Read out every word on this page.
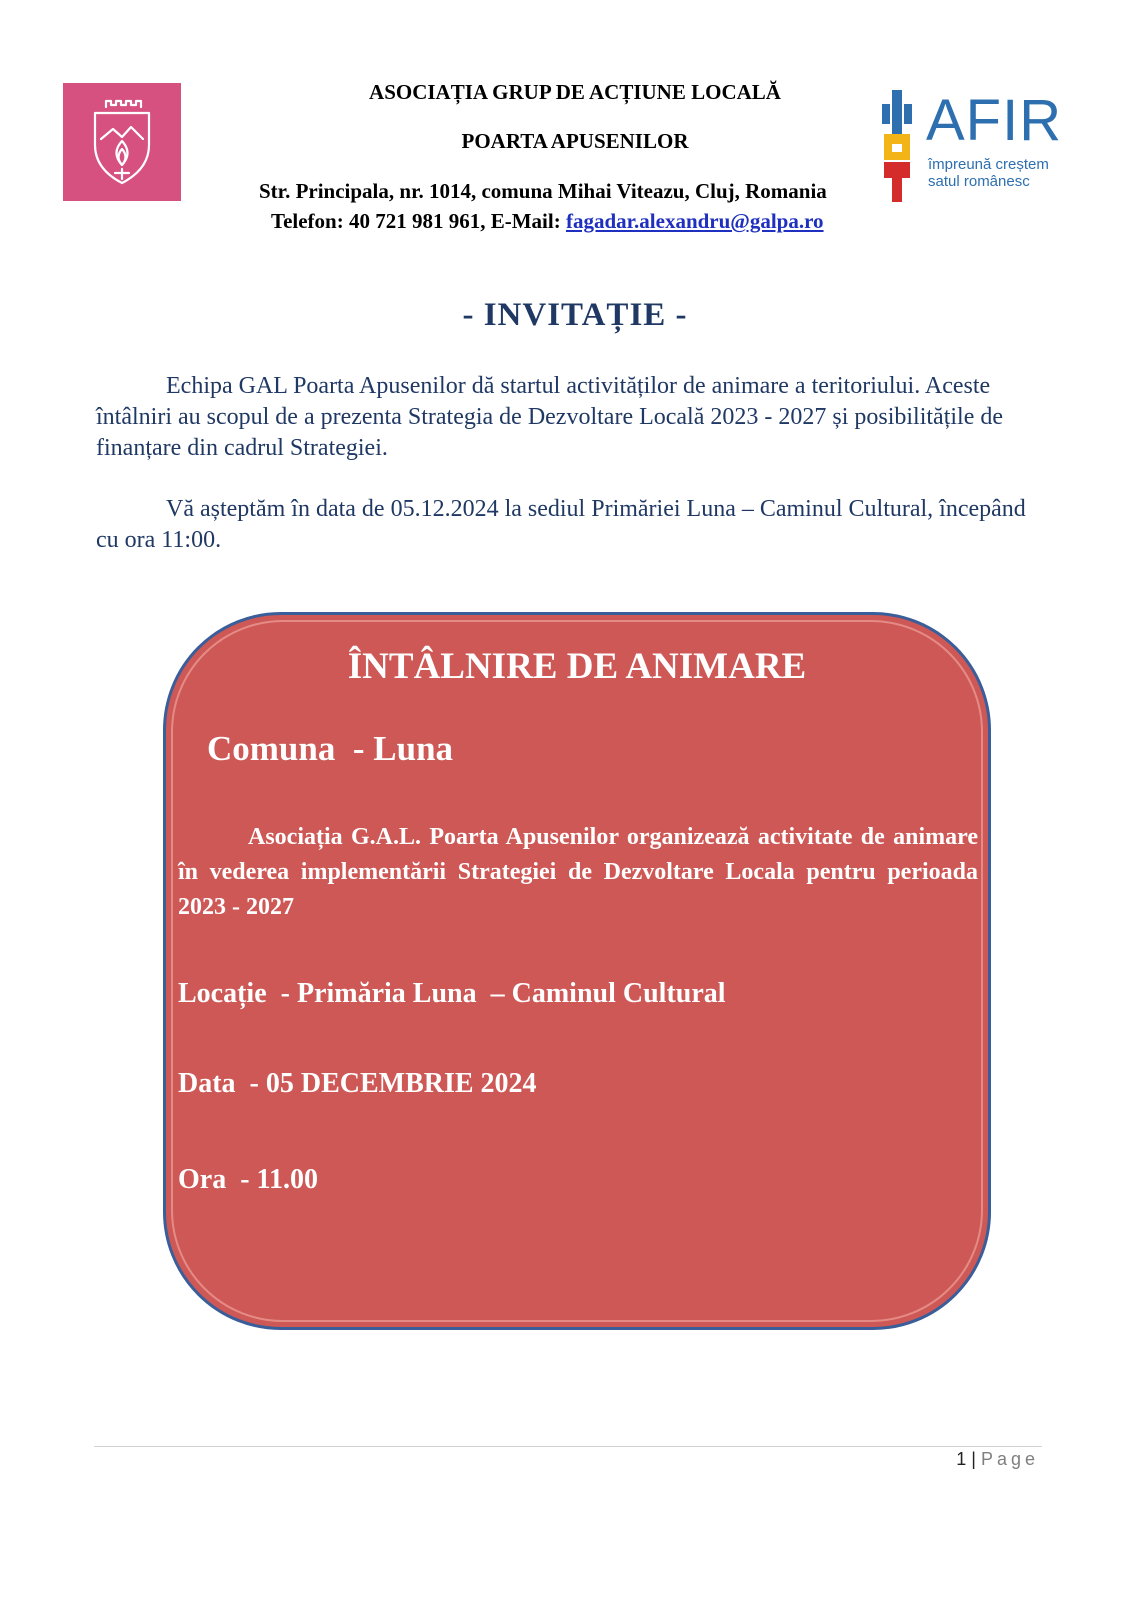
AFIR
împreună creștem
satul românesc
ASOCIAȚIA GRUP DE ACȚIUNE LOCALĂ
POARTA APUSENILOR
Str. Principala, nr. 1014, comuna Mihai Viteazu, Cluj, Romania
Telefon: 40 721 981 961, E-Mail: fagadar.alexandru@galpa.ro
- INVITAȚIE -
Echipa GAL Poarta Apusenilor dă startul activităților de animare a teritoriului. Aceste întâlniri au scopul de a prezenta Strategia de Dezvoltare Locală 2023 - 2027 și posibilitățile de finanțare din cadrul Strategiei.
Vă așteptăm în data de 05.12.2024 la sediul Primăriei Luna – Caminul Cultural, începând cu ora 11:00.
ÎNTÂLNIRE DE ANIMARE
Comuna  - Luna
Asociația G.A.L. Poarta Apusenilor organizează activitate de animare în vederea implementării Strategiei de Dezvoltare Locala pentru perioada 2023 - 2027
Locație  - Primăria Luna  – Caminul Cultural
Data  - 05 DECEMBRIE 2024
Ora  - 11.00
1 | Page
